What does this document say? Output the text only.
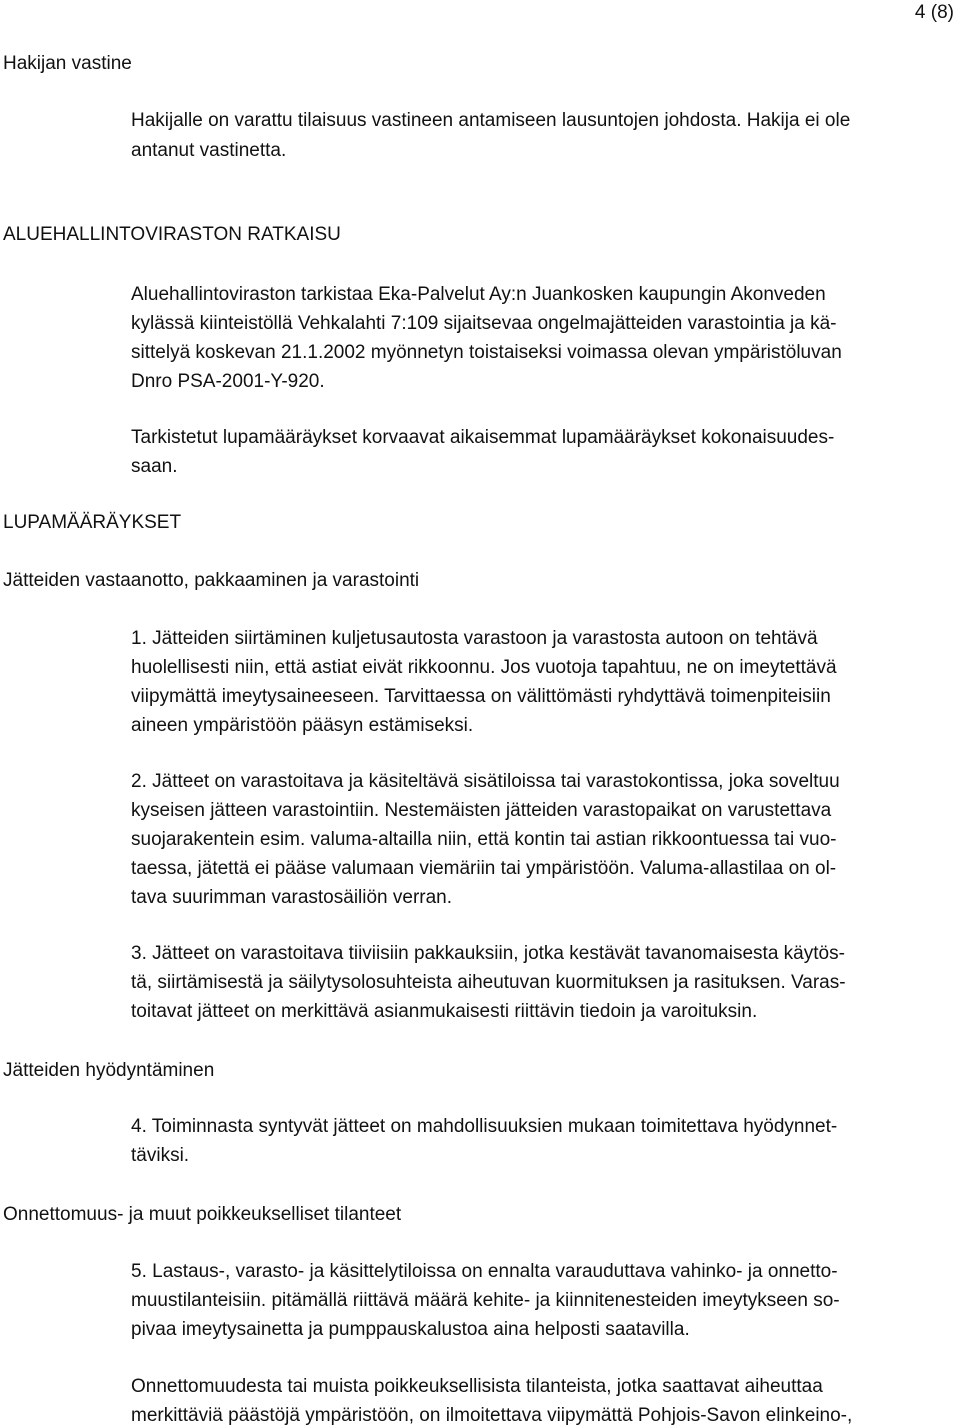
4 (8)
Hakijan vastine
ALUEHALLINTOVIRASTON RATKAISU
LUPAMÄÄRÄYKSET
Jätteiden vastaanotto, pakkaaminen ja varastointi
Jätteiden hyödyntäminen
Onnettomuus- ja muut poikkeukselliset tilanteet
Hakijalle on varattu tilaisuus vastineen antamiseen lausuntojen johdosta. Hakija ei ole
antanut vastinetta.
Aluehallintoviraston tarkistaa Eka-Palvelut Ay:n Juankosken kaupungin Akonveden
kylässä kiinteistöllä Vehkalahti 7:109 sijaitsevaa ongelmajätteiden varastointia ja kä-
sittelyä koskevan 21.1.2002 myönnetyn toistaiseksi voimassa olevan ympäristöluvan
Dnro PSA-2001-Y-920.
Tarkistetut lupamääräykset korvaavat aikaisemmat lupamääräykset kokonaisuudes-
saan.
1. Jätteiden siirtäminen kuljetusautosta varastoon ja varastosta autoon on tehtävä
huolellisesti niin, että astiat eivät rikkoonnu. Jos vuotoja tapahtuu, ne on imeytettävä
viipymättä imeytysaineeseen. Tarvittaessa on välittömästi ryhdyttävä toimenpiteisiin
aineen ympäristöön pääsyn estämiseksi.
2. Jätteet on varastoitava ja käsiteltävä sisätiloissa tai varastokontissa, joka soveltuu
kyseisen jätteen varastointiin. Nestemäisten jätteiden varastopaikat on varustettava
suojarakentein esim. valuma-altailla niin, että kontin tai astian rikkoontuessa tai vuo-
taessa, jätettä ei pääse valumaan viemäriin tai ympäristöön. Valuma-allastilaa on ol-
tava suurimman varastosäiliön verran.
3. Jätteet on varastoitava tiiviisiin pakkauksiin, jotka kestävät tavanomaisesta käytös-
tä, siirtämisestä ja säilytysolosuhteista aiheutuvan kuormituksen ja rasituksen. Varas-
toitavat jätteet on merkittävä asianmukaisesti riittävin tiedoin ja varoituksin.
4. Toiminnasta syntyvät jätteet on mahdollisuuksien mukaan toimitettava hyödynnet-
täviksi.
5. Lastaus-, varasto- ja käsittelytiloissa on ennalta varauduttava vahinko- ja onnetto-
muustilanteisiin. pitämällä riittävä määrä kehite- ja kiinnitenesteiden imeytykseen so-
pivaa imeytysainetta ja pumppauskalustoa aina helposti saatavilla.
Onnettomuudesta tai muista poikkeuksellisista tilanteista, jotka saattavat aiheuttaa
merkittäviä päästöjä ympäristöön, on ilmoitettava viipymättä Pohjois-Savon elinkeino-,
